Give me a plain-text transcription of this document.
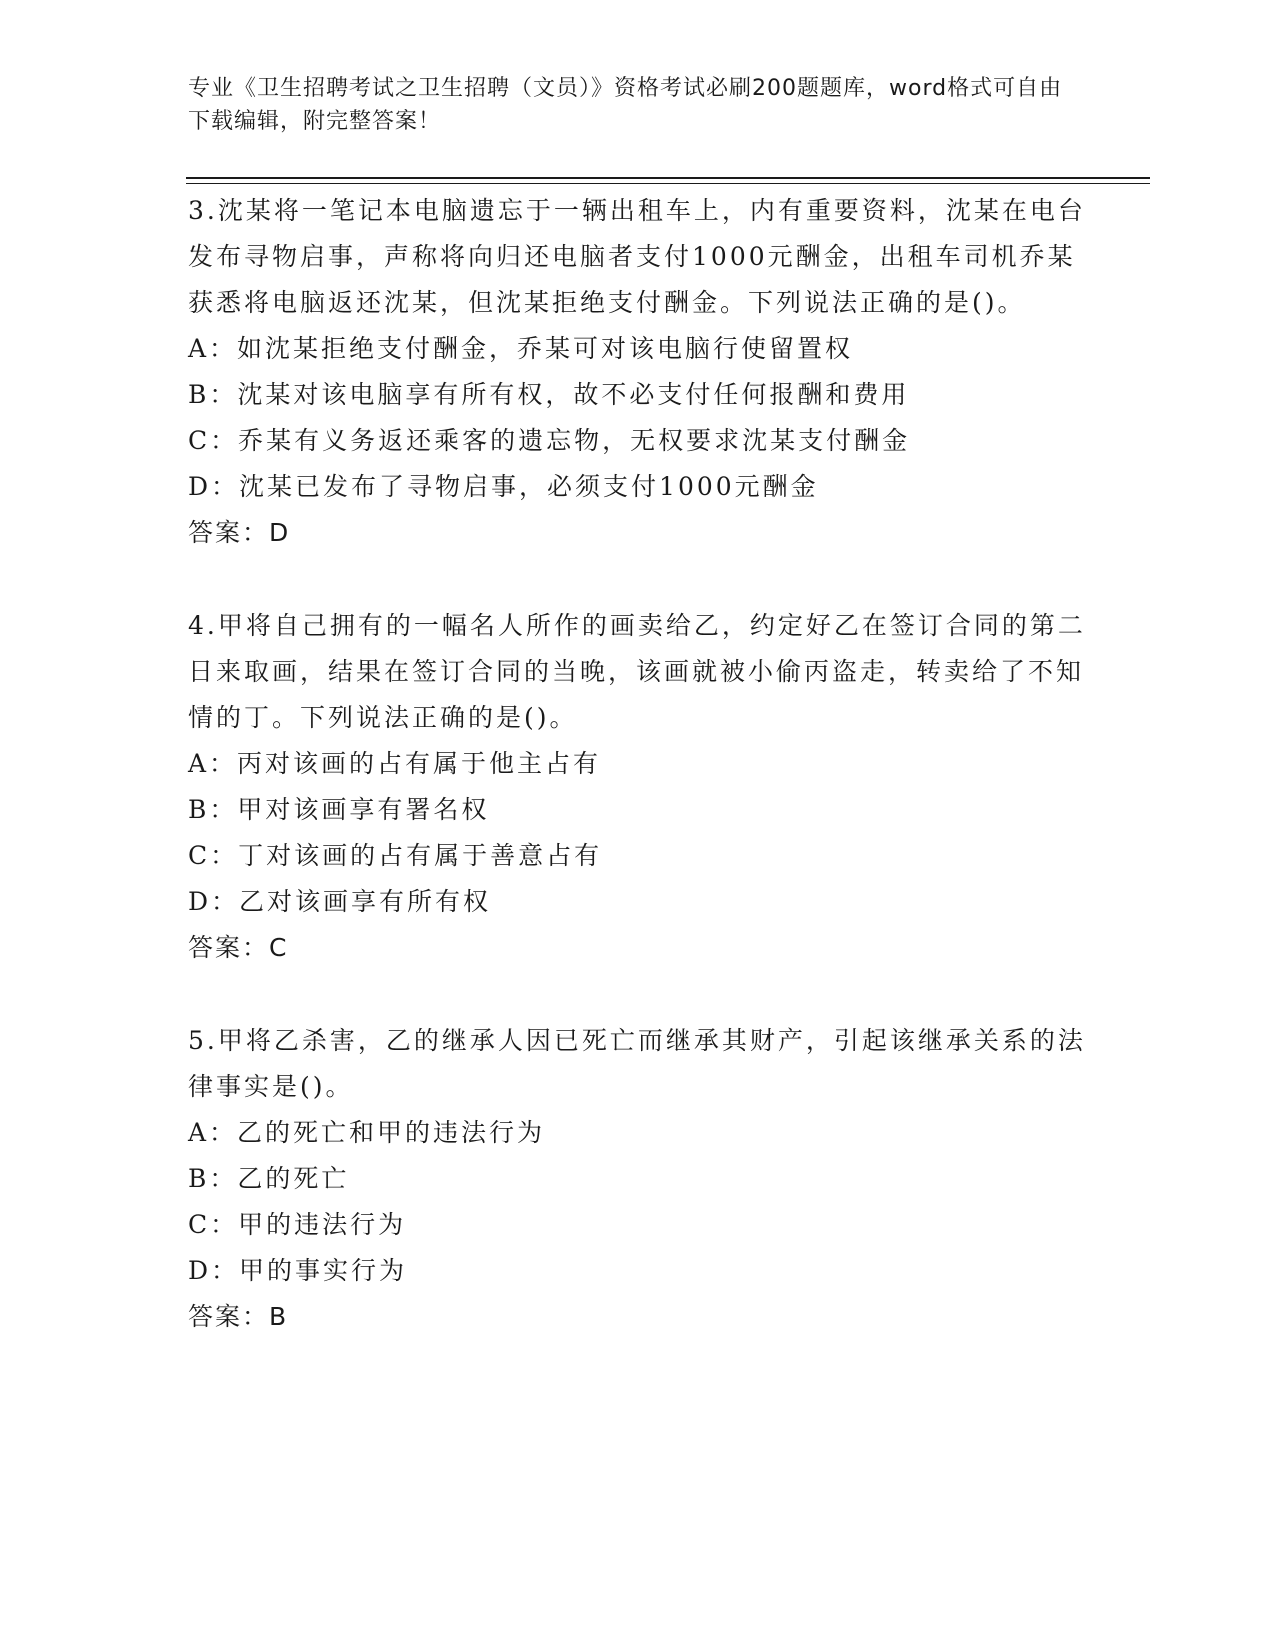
专业《卫生招聘考试之卫生招聘（文员）》资格考试必刷200题题库，word格式可自由下载编辑，附完整答案！

3.沈某将一笔记本电脑遗忘于一辆出租车上，内有重要资料，沈某在电台发布寻物启事，声称将向归还电脑者支付1000元酬金，出租车司机乔某获悉将电脑返还沈某，但沈某拒绝支付酬金。下列说法正确的是()。

A：如沈某拒绝支付酬金，乔某可对该电脑行使留置权

B：沈某对该电脑享有所有权，故不必支付任何报酬和费用

C：乔某有义务返还乘客的遗忘物，无权要求沈某支付酬金

D：沈某已发布了寻物启事，必须支付1000元酬金

答案：D

4.甲将自己拥有的一幅名人所作的画卖给乙，约定好乙在签订合同的第二日来取画，结果在签订合同的当晚，该画就被小偷丙盗走，转卖给了不知情的丁。下列说法正确的是()。

A：丙对该画的占有属于他主占有

B：甲对该画享有署名权

C：丁对该画的占有属于善意占有

D：乙对该画享有所有权

答案：C

5.甲将乙杀害，乙的继承人因已死亡而继承其财产，引起该继承关系的法律事实是()。

A：乙的死亡和甲的违法行为

B：乙的死亡

C：甲的违法行为

D：甲的事实行为

答案：B
